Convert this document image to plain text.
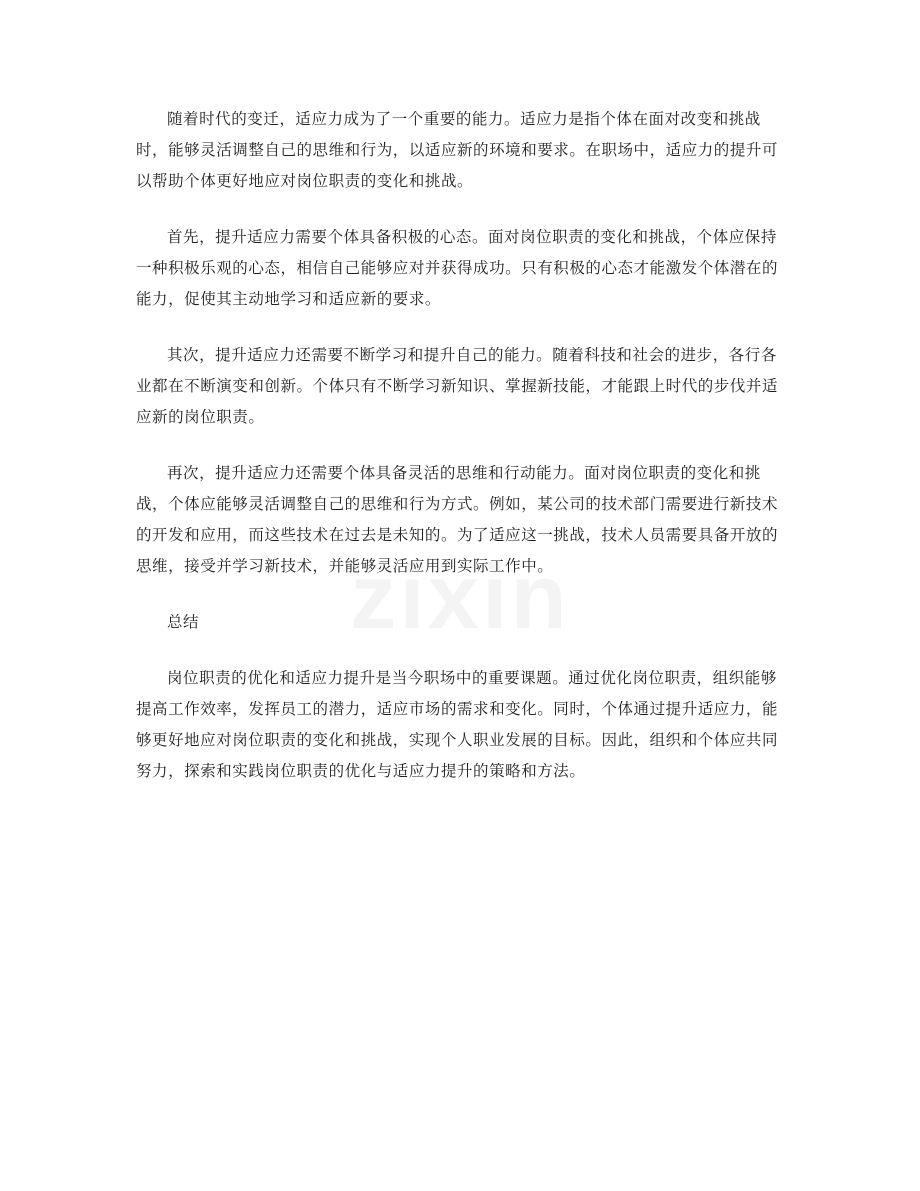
随着时代的变迁，适应力成为了一个重要的能力。适应力是指个体在面对改变和挑战时，能够灵活调整自己的思维和行为，以适应新的环境和要求。在职场中，适应力的提升可以帮助个体更好地应对岗位职责的变化和挑战。

首先，提升适应力需要个体具备积极的心态。面对岗位职责的变化和挑战，个体应保持一种积极乐观的心态，相信自己能够应对并获得成功。只有积极的心态才能激发个体潜在的能力，促使其主动地学习和适应新的要求。

其次，提升适应力还需要不断学习和提升自己的能力。随着科技和社会的进步，各行各业都在不断演变和创新。个体只有不断学习新知识、掌握新技能，才能跟上时代的步伐并适应新的岗位职责。

再次，提升适应力还需要个体具备灵活的思维和行动能力。面对岗位职责的变化和挑战，个体应能够灵活调整自己的思维和行为方式。例如，某公司的技术部门需要进行新技术的开发和应用，而这些技术在过去是未知的。为了适应这一挑战，技术人员需要具备开放的思维，接受并学习新技术，并能够灵活应用到实际工作中。

总结

岗位职责的优化和适应力提升是当今职场中的重要课题。通过优化岗位职责，组织能够提高工作效率，发挥员工的潜力，适应市场的需求和变化。同时，个体通过提升适应力，能够更好地应对岗位职责的变化和挑战，实现个人职业发展的目标。因此，组织和个体应共同努力，探索和实践岗位职责的优化与适应力提升的策略和方法。
